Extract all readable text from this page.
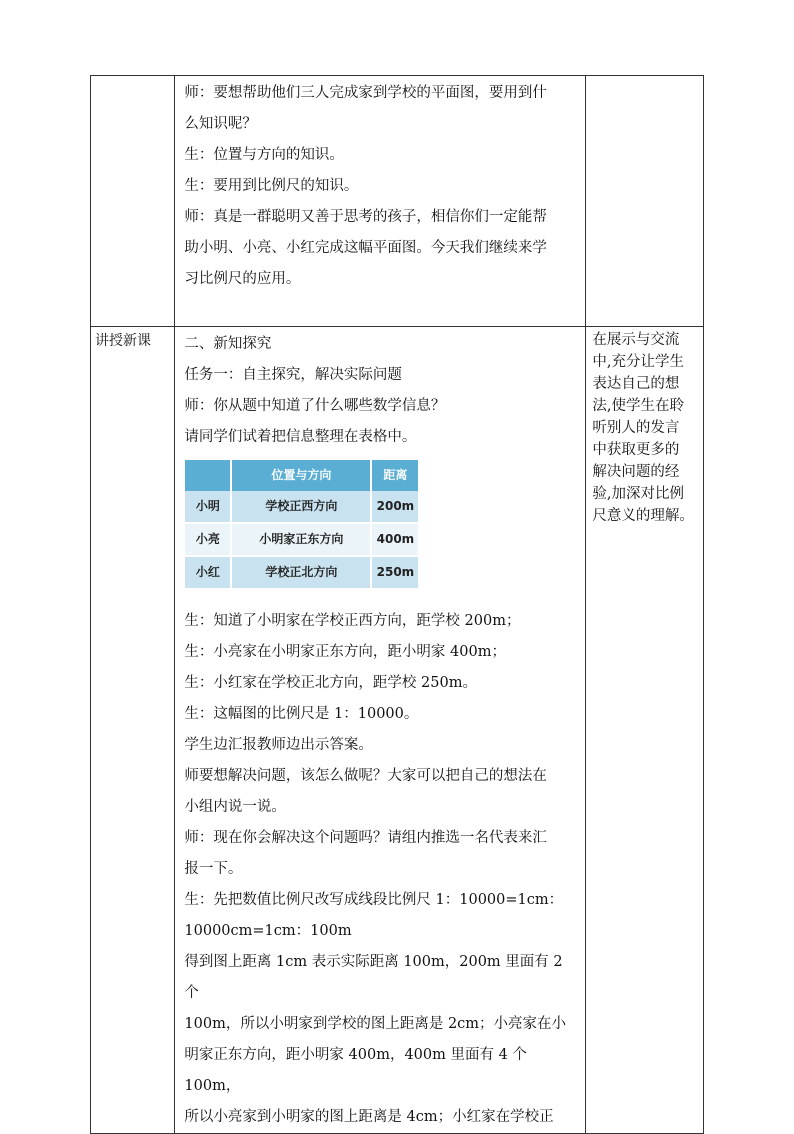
师：要想帮助他们三人完成家到学校的平面图，要用到什

么知识呢？

生：位置与方向的知识。

生：要用到比例尺的知识。

师：真是一群聪明又善于思考的孩子，相信你们一定能帮

助小明、小亮、小红完成这幅平面图。今天我们继续来学

习比例尺的应用。

讲授新课	二、新知探究

任务一：自主探究，解决实际问题

师：你从题中知道了什么哪些数学信息？

请同学们试着把信息整理在表格中。

	位置与方向	距离
小明	学校正西方向	200m
小亮	小明家正东方向	400m
小红	学校正北方向	250m

生：知道了小明家在学校正西方向，距学校 200m；

生：小亮家在小明家正东方向，距小明家 400m；

生：小红家在学校正北方向，距学校 250m。

生：这幅图的比例尺是 1：10000。

学生边汇报教师边出示答案。

师要想解决问题，该怎么做呢？大家可以把自己的想法在

小组内说一说。

师：现在你会解决这个问题吗？请组内推选一名代表来汇

报一下。

生：先把数值比例尺改写成线段比例尺 1：10000=1cm：

10000cm=1cm：100m

得到图上距离 1cm 表示实际距离 100m，200m 里面有 2 个

100m，所以小明家到学校的图上距离是 2cm；小亮家在小

明家正东方向，距小明家 400m，400m 里面有 4 个 100m，

所以小亮家到小明家的图上距离是 4cm；小红家在学校正

在展示与交流
中,充分让学生
表达自己的想
法,使学生在聆
听别人的发言
中获取更多的
解决问题的经
验,加深对比例
尺意义的理解。
